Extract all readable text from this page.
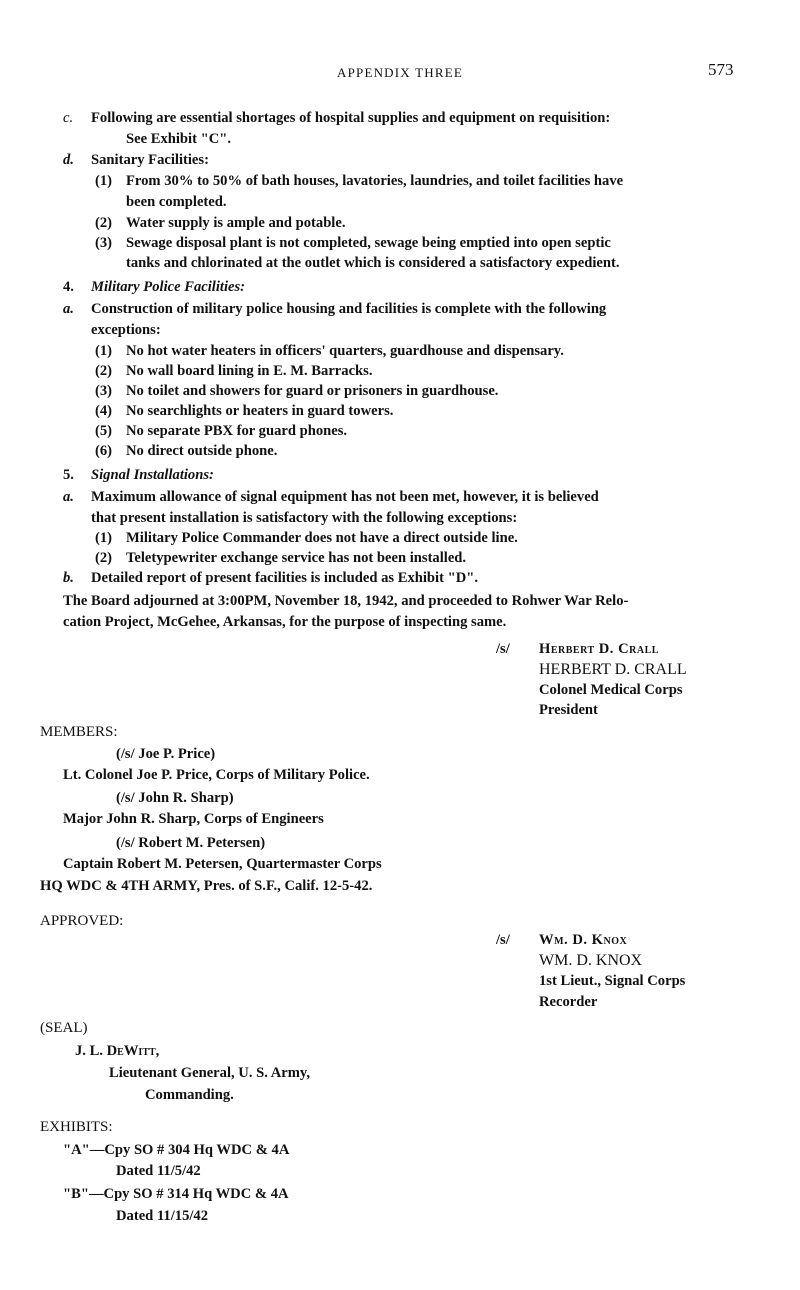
APPENDIX THREE	573
c. Following are essential shortages of hospital supplies and equipment on requisition:
See Exhibit "C".
d. Sanitary Facilities:
(1) From 30% to 50% of bath houses, lavatories, laundries, and toilet facilities have
been completed.
(2) Water supply is ample and potable.
(3) Sewage disposal plant is not completed, sewage being emptied into open septic
tanks and chlorinated at the outlet which is considered a satisfactory expedient.
4. Military Police Facilities:
a. Construction of military police housing and facilities is complete with the following
exceptions:
(1) No hot water heaters in officers' quarters, guardhouse and dispensary.
(2) No wall board lining in E. M. Barracks.
(3) No toilet and showers for guard or prisoners in guardhouse.
(4) No searchlights or heaters in guard towers.
(5) No separate PBX for guard phones.
(6) No direct outside phone.
5. Signal Installations:
a. Maximum allowance of signal equipment has not been met, however, it is believed
that present installation is satisfactory with the following exceptions:
(1) Military Police Commander does not have a direct outside line.
(2) Teletypewriter exchange service has not been installed.
b. Detailed report of present facilities is included as Exhibit "D".
The Board adjourned at 3:00PM, November 18, 1942, and proceeded to Rohwer War Relo-
cation Project, McGehee, Arkansas, for the purpose of inspecting same.
/s/ Herbert D. Crall
HERBERT D. CRALL
Colonel Medical Corps
President
MEMBERS:
(/s/ Joe P. Price)
Lt. Colonel Joe P. Price, Corps of Military Police.
(/s/ John R. Sharp)
Major John R. Sharp, Corps of Engineers
(/s/ Robert M. Petersen)
Captain Robert M. Petersen, Quartermaster Corps
HQ WDC & 4TH ARMY, Pres. of S.F., Calif. 12-5-42.
APPROVED:
/s/ Wm. D. Knox
WM. D. KNOX
1st Lieut., Signal Corps
Recorder
(SEAL)
J. L. DeWitt,
Lieutenant General, U. S. Army,
Commanding.
EXHIBITS:
"A"—Cpy SO # 304 Hq WDC & 4A
Dated 11/5/42
"B"—Cpy SO # 314 Hq WDC & 4A
Dated 11/15/42
